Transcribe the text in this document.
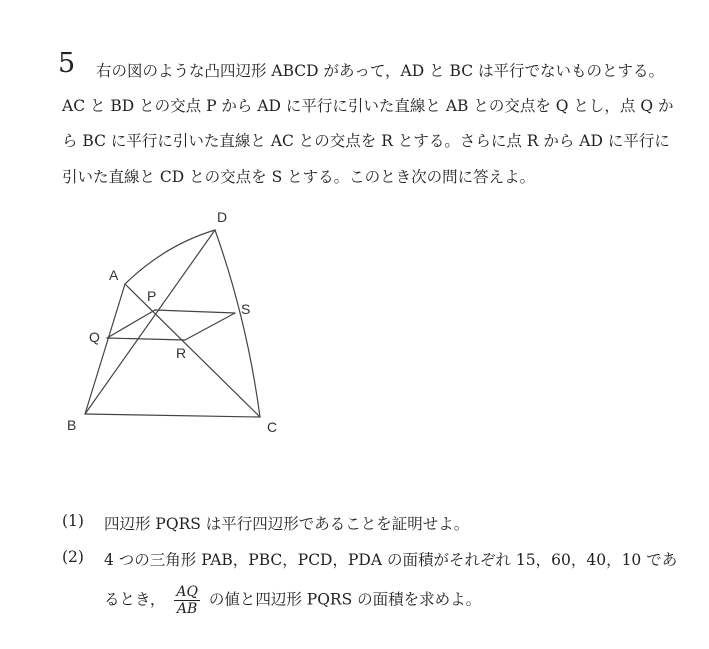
5 右の図のような凸四辺形 ABCD があって，AD と BC は平行でないものとする。
AC と BD との交点 P から AD に平行に引いた直線と AB との交点を Q とし，点 Q か
ら BC に平行に引いた直線と AC との交点を R とする。さらに点 R から AD に平行に
引いた直線と CD との交点を S とする。このとき次の問に答えよ。
A
B	C
D
P
Q
R
S
(1) 四辺形 PQRS は平行四辺形であることを証明せよ。
(2) 4 つの三角形 PAB，PBC，PCD，PDA の面積がそれぞれ 15，60，40，10 であ
るとき， $\frac{AQ}{AB}$ の値と四辺形 PQRS の面積を求めよ。
